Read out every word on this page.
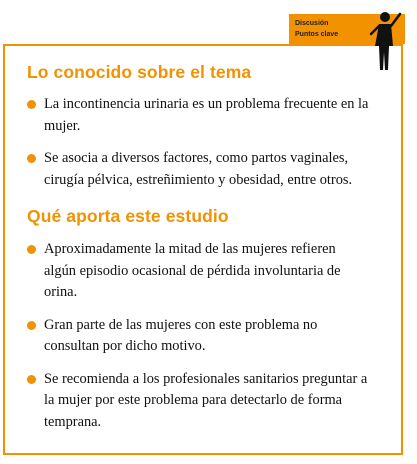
Discusión
Puntos clave
Lo conocido sobre el tema
La incontinencia urinaria es un problema frecuente en la mujer.
Se asocia a diversos factores, como partos vaginales, cirugía pélvica, estreñimiento y obesidad, entre otros.
Qué aporta este estudio
Aproximadamente la mitad de las mujeres refieren algún episodio ocasional de pérdida involuntaria de orina.
Gran parte de las mujeres con este problema no consultan por dicho motivo.
Se recomienda a los profesionales sanitarios preguntar a la mujer por este problema para detectarlo de forma temprana.
